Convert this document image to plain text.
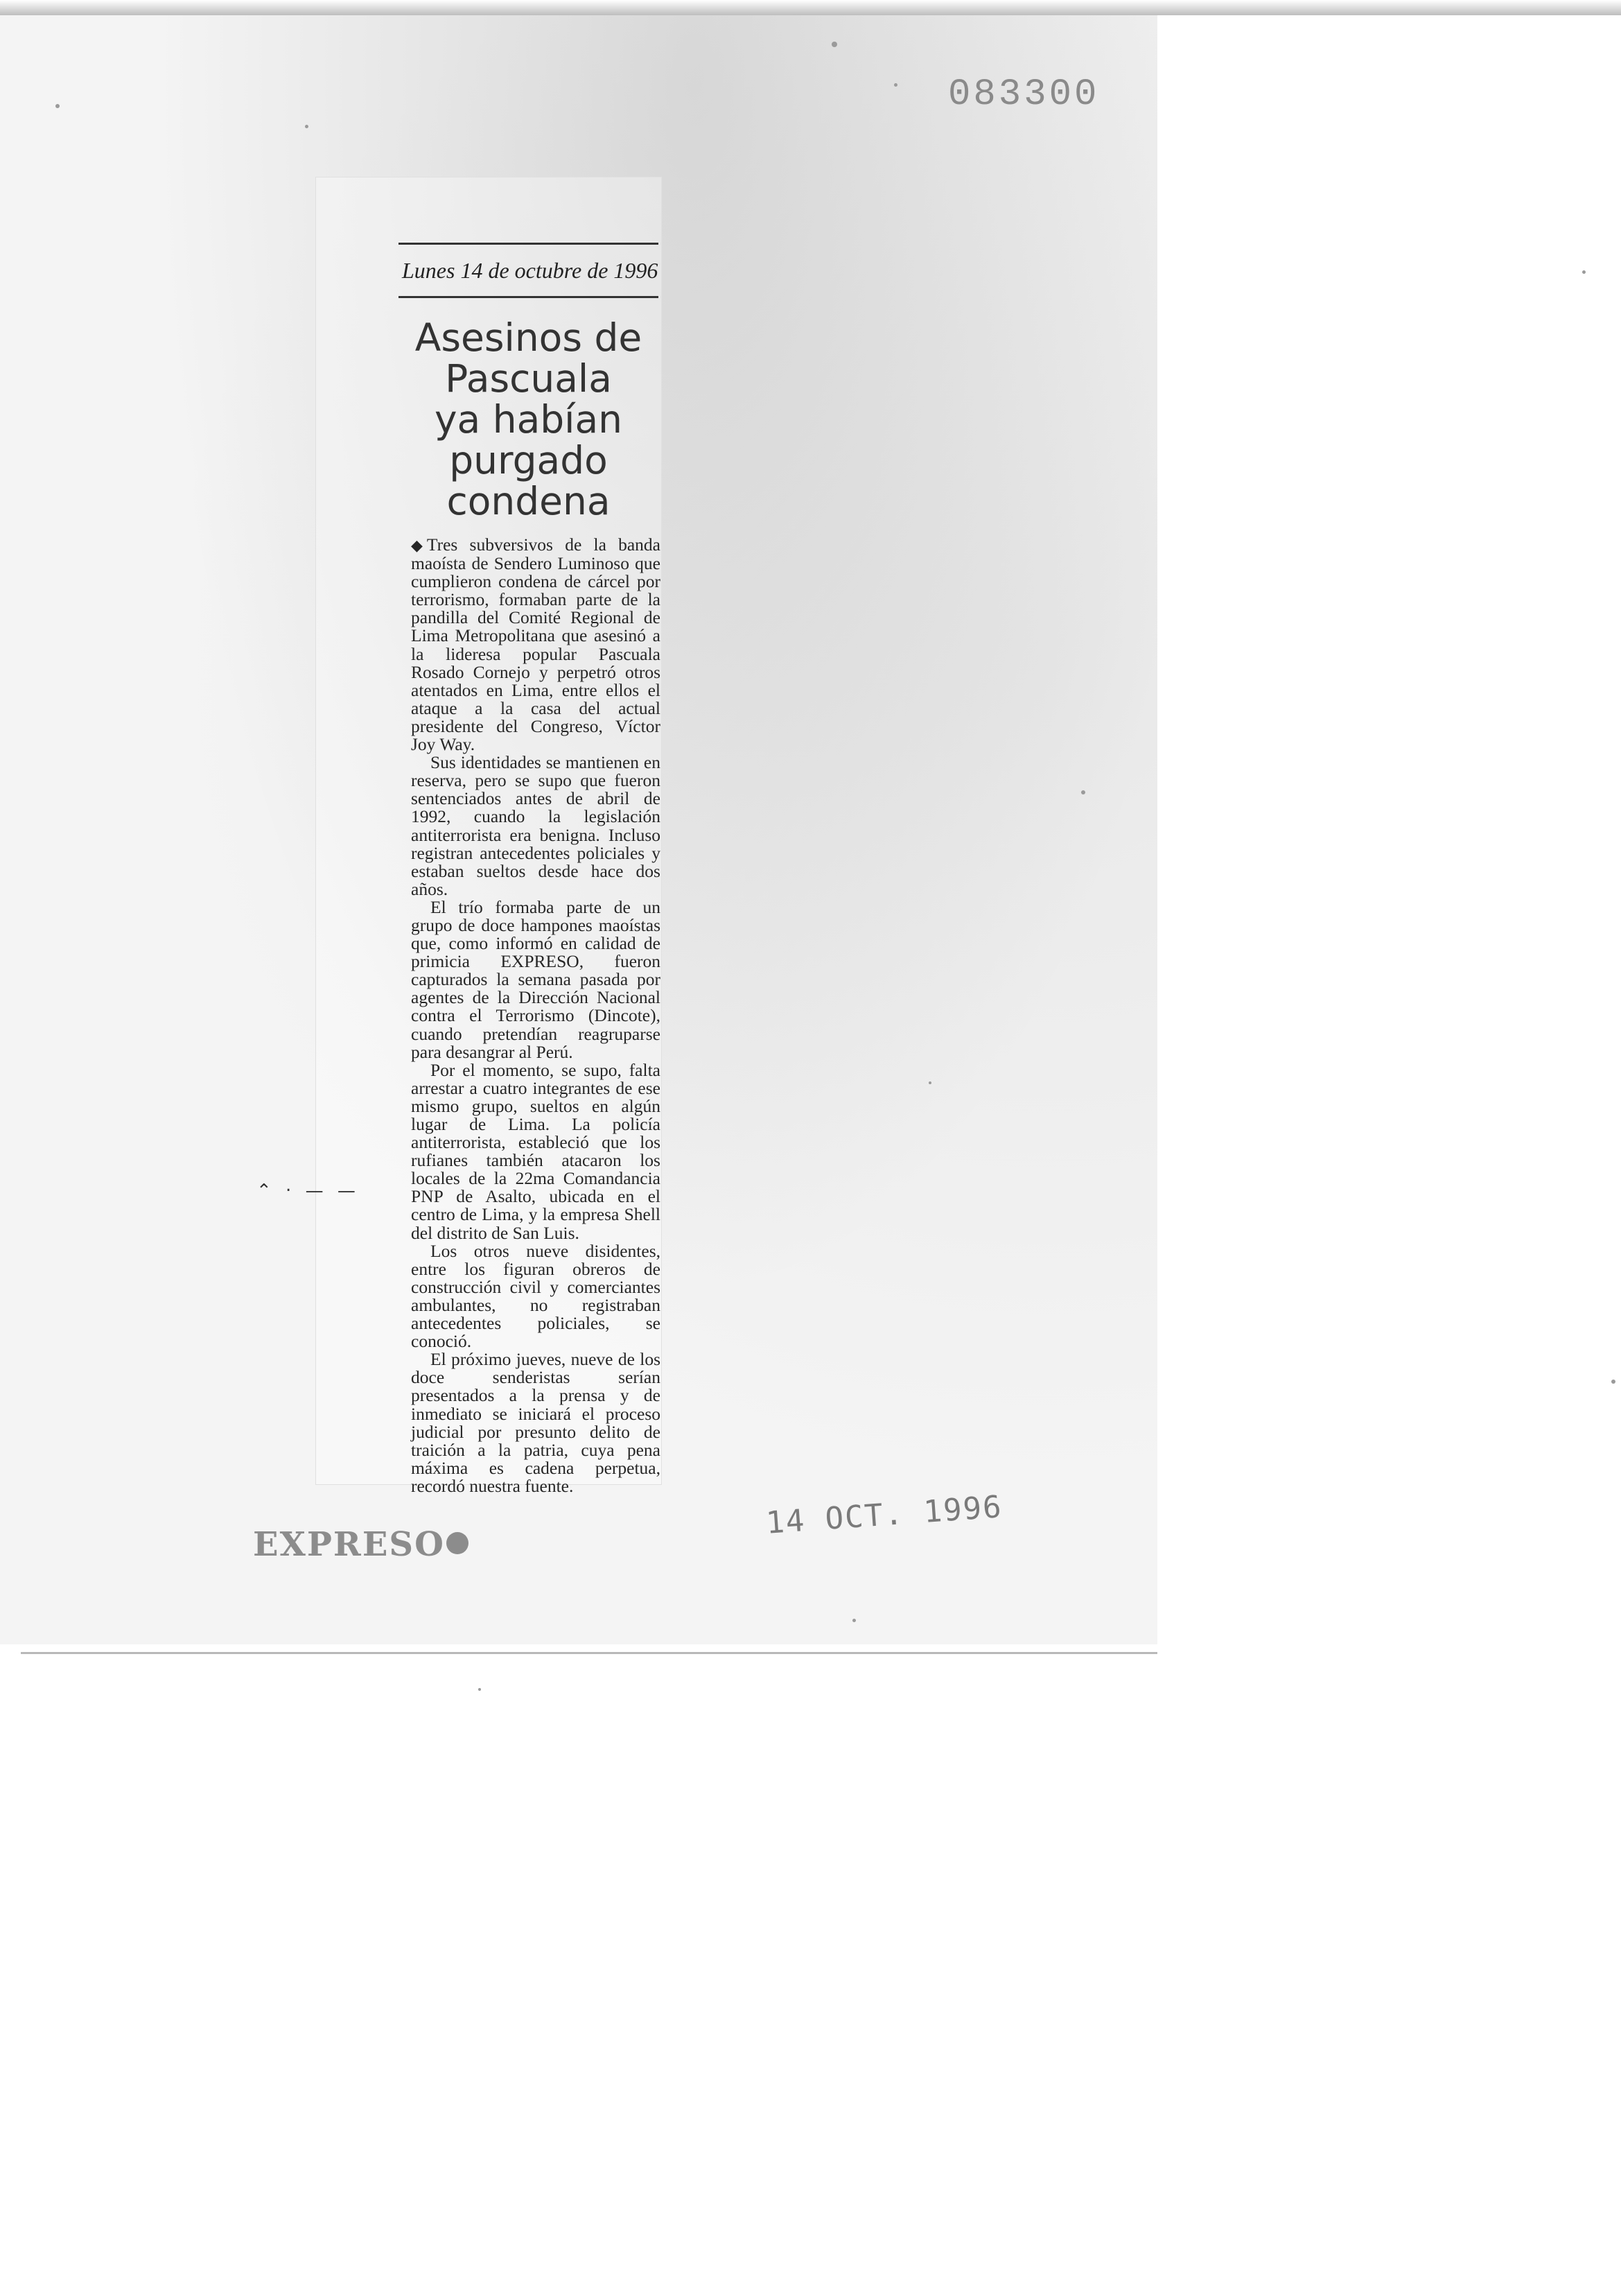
083300
Lunes 14 de octubre de 1996
Asesinos de
Pascuala
ya habían
purgado
condena

◆ Tres subversivos de la banda maoísta de Sendero Luminoso que cumplieron condena de cárcel por terrorismo, formaban parte de la pandilla del Comité Regional de Lima Metropolitana que asesinó a la lideresa popular Pascuala Rosado Cornejo y perpetró otros atentados en Lima, entre ellos el ataque a la casa del actual presidente del Congreso, Víctor Joy Way.

Sus identidades se mantienen en reserva, pero se supo que fueron sentenciados antes de abril de 1992, cuando la legislación antiterrorista era benigna. Incluso registran antecedentes policiales y estaban sueltos desde hace dos años.

El trío formaba parte de un grupo de doce hampones maoístas que, como informó en calidad de primicia EXPRESO, fueron capturados la semana pasada por agentes de la Dirección Nacional contra el Terrorismo (Dincote), cuando pretendían reagruparse para desangrar al Perú.

Por el momento, se supo, falta arrestar a cuatro integrantes de ese mismo grupo, sueltos en algún lugar de Lima. La policía antiterrorista, estableció que los rufianes también atacaron los locales de la 22ma Comandancia PNP de Asalto, ubicada en el centro de Lima, y la empresa Shell del distrito de San Luis.

Los otros nueve disidentes, entre los figuran obreros de construcción civil y comerciantes ambulantes, no registraban antecedentes policiales, se conoció.

El próximo jueves, nueve de los doce senderistas serían presentados a la prensa y de inmediato se iniciará el proceso judicial por presunto delito de traición a la patria, cuya pena máxima es cadena perpetua, recordó nuestra fuente.

⌃ ‧ — —
EXPRESO
14 OCT. 1996
